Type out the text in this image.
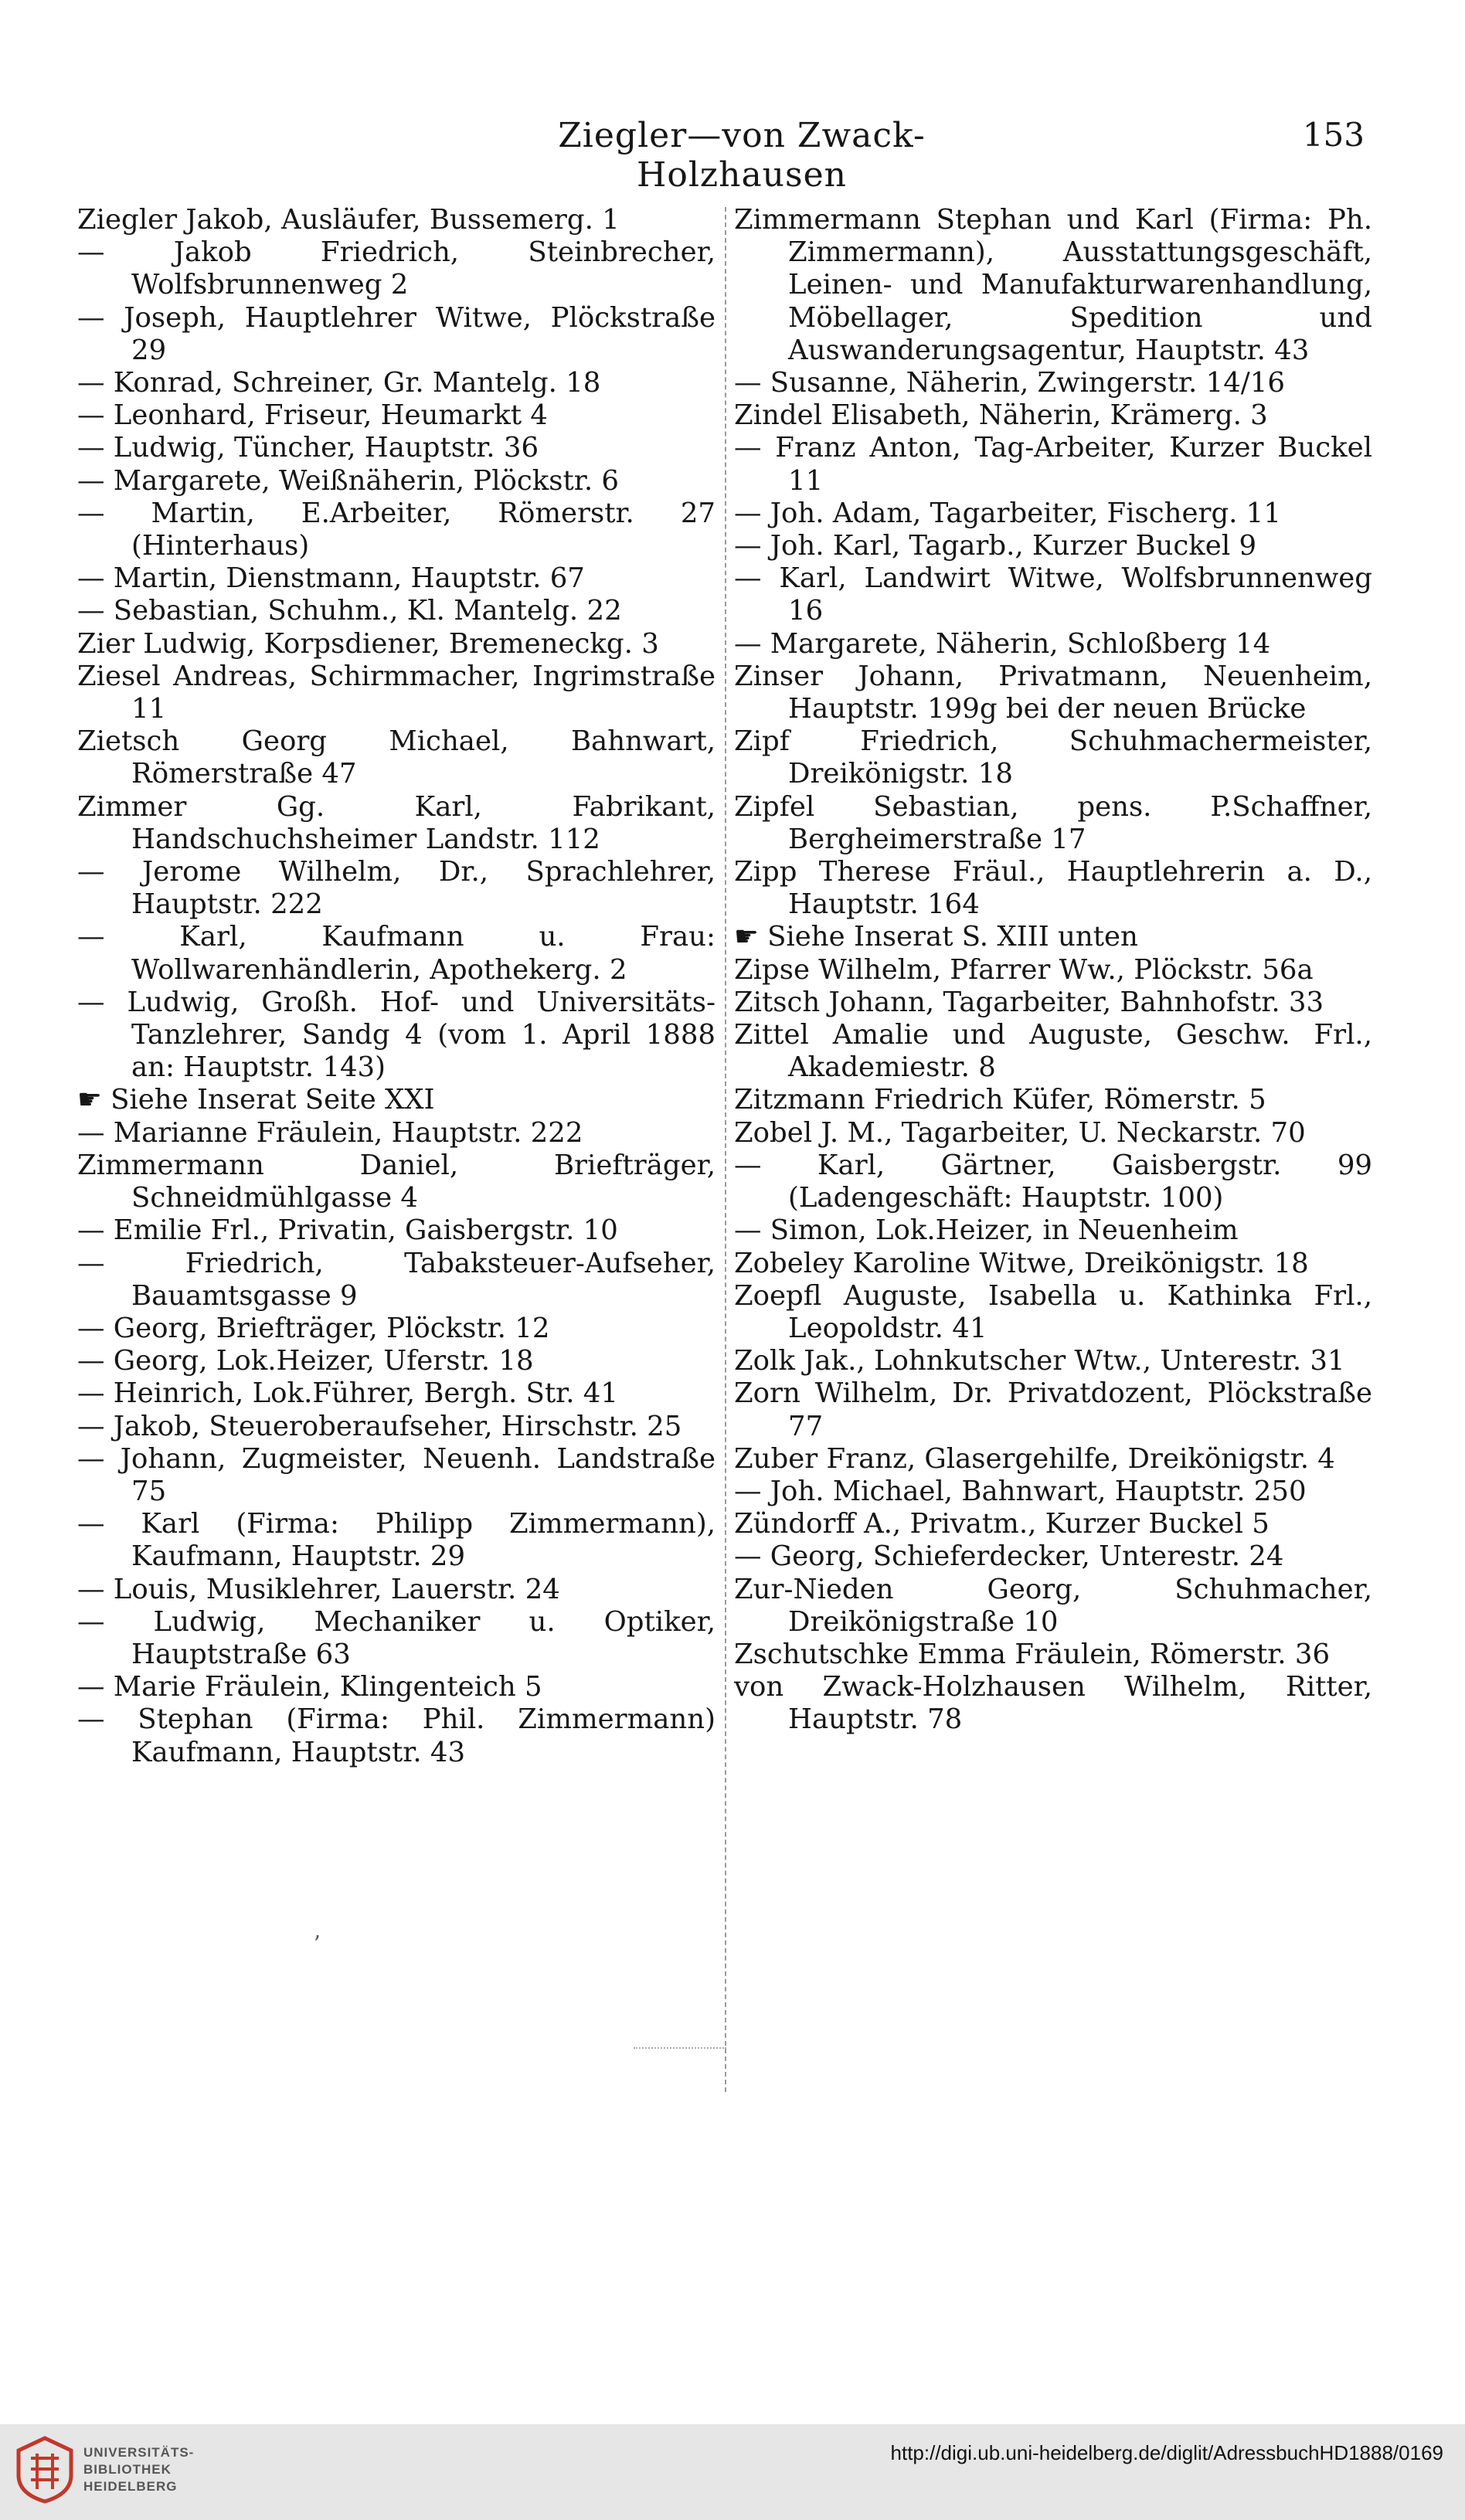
Ziegler—von Zwack-Holzhausen
153
Ziegler Jakob, Ausläufer, Bussemerg. 1
— Jakob Friedrich, Steinbrecher, Wolfsbrunnenweg 2
— Joseph, Hauptlehrer Witwe, Plöckstraße 29
— Konrad, Schreiner, Gr. Mantelg. 18
— Leonhard, Friseur, Heumarkt 4
— Ludwig, Tüncher, Hauptstr. 36
— Margarete, Weißnäherin, Plöckstr. 6
— Martin, E.Arbeiter, Römerstr. 27 (Hinterhaus)
— Martin, Dienstmann, Hauptstr. 67
— Sebastian, Schuhm., Kl. Mantelg. 22
Zier Ludwig, Korpsdiener, Bremeneckg. 3
Ziesel Andreas, Schirmmacher, Ingrimstraße 11
Zietsch Georg Michael, Bahnwart, Römerstraße 47
Zimmer Gg. Karl, Fabrikant, Handschuchsheimer Landstr. 112
— Jerome Wilhelm, Dr., Sprachlehrer, Hauptstr. 222
— Karl, Kaufmann u. Frau: Wollwarenhändlerin, Apothekerg. 2
— Ludwig, Großh. Hof- und Universitäts-Tanzlehrer, Sandg 4 (vom 1. April 1888 an: Hauptstr. 143)
☛ Siehe Inserat Seite XXI
— Marianne Fräulein, Hauptstr. 222
Zimmermann Daniel, Briefträger, Schneidmühlgasse 4
— Emilie Frl., Privatin, Gaisbergstr. 10
— Friedrich, Tabaksteuer-Aufseher, Bauamtsgasse 9
— Georg, Briefträger, Plöckstr. 12
— Georg, Lok.Heizer, Uferstr. 18
— Heinrich, Lok.Führer, Bergh. Str. 41
— Jakob, Steueroberaufseher, Hirschstr. 25
— Johann, Zugmeister, Neuenh. Landstraße 75
— Karl (Firma: Philipp Zimmermann), Kaufmann, Hauptstr. 29
— Louis, Musiklehrer, Lauerstr. 24
— Ludwig, Mechaniker u. Optiker, Hauptstraße 63
— Marie Fräulein, Klingenteich 5
— Stephan (Firma: Phil. Zimmermann) Kaufmann, Hauptstr. 43
Zimmermann Stephan und Karl (Firma: Ph. Zimmermann), Ausstattungsgeschäft, Leinen- und Manufakturwarenhandlung, Möbellager, Spedition und Auswanderungsagentur, Hauptstr. 43
— Susanne, Näherin, Zwingerstr. 14/16
Zindel Elisabeth, Näherin, Krämerg. 3
— Franz Anton, Tag-Arbeiter, Kurzer Buckel 11
— Joh. Adam, Tagarbeiter, Fischerg. 11
— Joh. Karl, Tagarb., Kurzer Buckel 9
— Karl, Landwirt Witwe, Wolfsbrunnenweg 16
— Margarete, Näherin, Schloßberg 14
Zinser Johann, Privatmann, Neuenheim, Hauptstr. 199g bei der neuen Brücke
Zipf Friedrich, Schuhmachermeister, Dreikönigstr. 18
Zipfel Sebastian, pens. P.Schaffner, Bergheimerstraße 17
Zipp Therese Fräul., Hauptlehrerin a. D., Hauptstr. 164
☛ Siehe Inserat S. XIII unten
Zipse Wilhelm, Pfarrer Ww., Plöckstr. 56a
Zitsch Johann, Tagarbeiter, Bahnhofstr. 33
Zittel Amalie und Auguste, Geschw. Frl., Akademiestr. 8
Zitzmann Friedrich Küfer, Römerstr. 5
Zobel J. M., Tagarbeiter, U. Neckarstr. 70
— Karl, Gärtner, Gaisbergstr. 99 (Ladengeschäft: Hauptstr. 100)
— Simon, Lok.Heizer, in Neuenheim
Zobeley Karoline Witwe, Dreikönigstr. 18
Zoepfl Auguste, Isabella u. Kathinka Frl., Leopoldstr. 41
Zolk Jak., Lohnkutscher Wtw., Unterestr. 31
Zorn Wilhelm, Dr. Privatdozent, Plöckstraße 77
Zuber Franz, Glasergehilfe, Dreikönigstr. 4
— Joh. Michael, Bahnwart, Hauptstr. 250
Zündorff A., Privatm., Kurzer Buckel 5
— Georg, Schieferdecker, Unterestr. 24
Zur-Nieden Georg, Schuhmacher, Dreikönigstraße 10
Zschutschke Emma Fräulein, Römerstr. 36
von Zwack-Holzhausen Wilhelm, Ritter, Hauptstr. 78
ʼ
UNIVERSITÄTS-
BIBLIOTHEK
HEIDELBERG
http://digi.ub.uni-heidelberg.de/diglit/AdressbuchHD1888/0169
